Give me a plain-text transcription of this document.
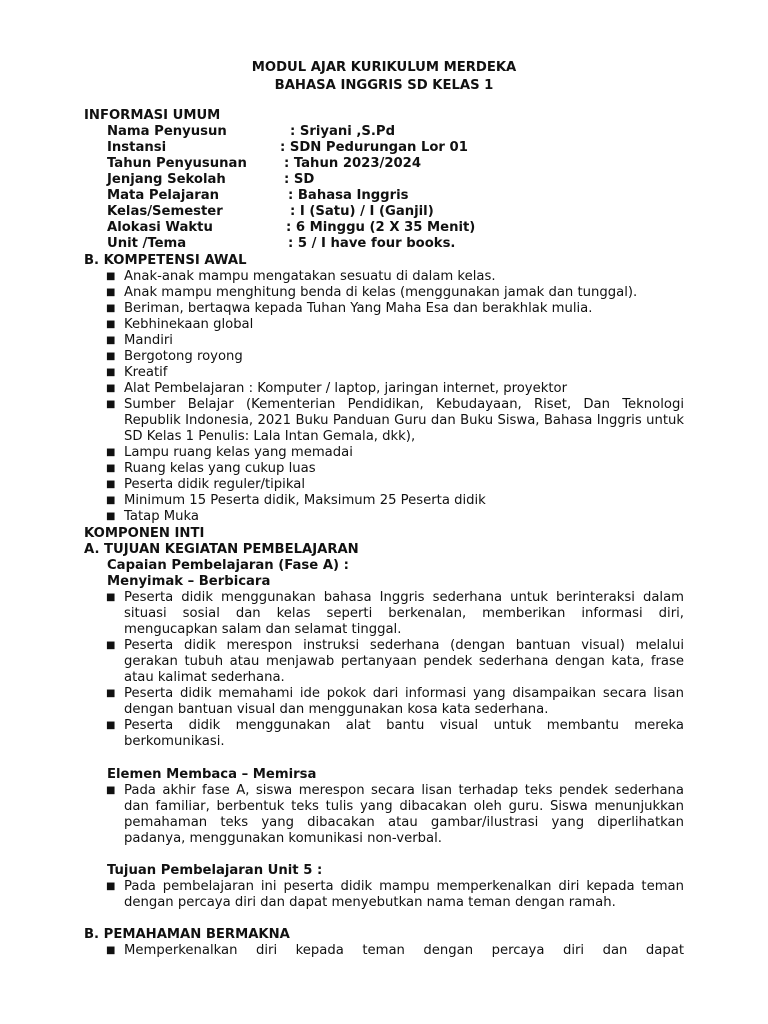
MODUL AJAR KURIKULUM MERDEKA
BAHASA INGGRIS SD KELAS 1
INFORMASI UMUM
Nama Penyusun	: Sriyani ,S.Pd
Instansi	: SDN Pedurungan Lor 01
Tahun Penyusunan	: Tahun 2023/2024
Jenjang Sekolah	: SD
Mata Pelajaran	: Bahasa Inggris
Kelas/Semester	: I (Satu) / I (Ganjil)
Alokasi Waktu	: 6 Minggu (2 X 35 Menit)
Unit /Tema	: 5 / I have four books.
B. KOMPETENSI AWAL
■ Anak-anak mampu mengatakan sesuatu di dalam kelas.
■ Anak mampu menghitung benda di kelas (menggunakan jamak dan tunggal).
■ Beriman, bertaqwa kepada Tuhan Yang Maha Esa dan berakhlak mulia.
■ Kebhinekaan global
■ Mandiri
■ Bergotong royong
■ Kreatif
■ Alat Pembelajaran : Komputer / laptop, jaringan internet, proyektor
■ Sumber Belajar (Kementerian Pendidikan, Kebudayaan, Riset, Dan Teknologi Republik Indonesia, 2021 Buku Panduan Guru dan Buku Siswa, Bahasa Inggris untuk SD Kelas 1 Penulis: Lala Intan Gemala, dkk),
■ Lampu ruang kelas yang memadai
■ Ruang kelas yang cukup luas
■ Peserta didik reguler/tipikal
■ Minimum 15 Peserta didik, Maksimum 25 Peserta didik
■ Tatap Muka
KOMPONEN INTI
A. TUJUAN KEGIATAN PEMBELAJARAN
Capaian Pembelajaran (Fase A) :
Menyimak – Berbicara
■ Peserta didik menggunakan bahasa Inggris sederhana untuk berinteraksi dalam situasi sosial dan kelas seperti berkenalan, memberikan informasi diri, mengucapkan salam dan selamat tinggal.
■ Peserta didik merespon instruksi sederhana (dengan bantuan visual) melalui gerakan tubuh atau menjawab pertanyaan pendek sederhana dengan kata, frase atau kalimat sederhana.
■ Peserta didik memahami ide pokok dari informasi yang disampaikan secara lisan dengan bantuan visual dan menggunakan kosa kata sederhana.
■ Peserta didik menggunakan alat bantu visual untuk membantu mereka berkomunikasi.
Elemen Membaca – Memirsa
■ Pada akhir fase A, siswa merespon secara lisan terhadap teks pendek sederhana dan familiar, berbentuk teks tulis yang dibacakan oleh guru. Siswa menunjukkan pemahaman teks yang dibacakan atau gambar/ilustrasi yang diperlihatkan padanya, menggunakan komunikasi non-verbal.
Tujuan Pembelajaran Unit 5 :
■ Pada pembelajaran ini peserta didik mampu memperkenalkan diri kepada teman dengan percaya diri dan dapat menyebutkan nama teman dengan ramah.
B. PEMAHAMAN BERMAKNA
■ Memperkenalkan diri kepada teman dengan percaya diri dan dapat
